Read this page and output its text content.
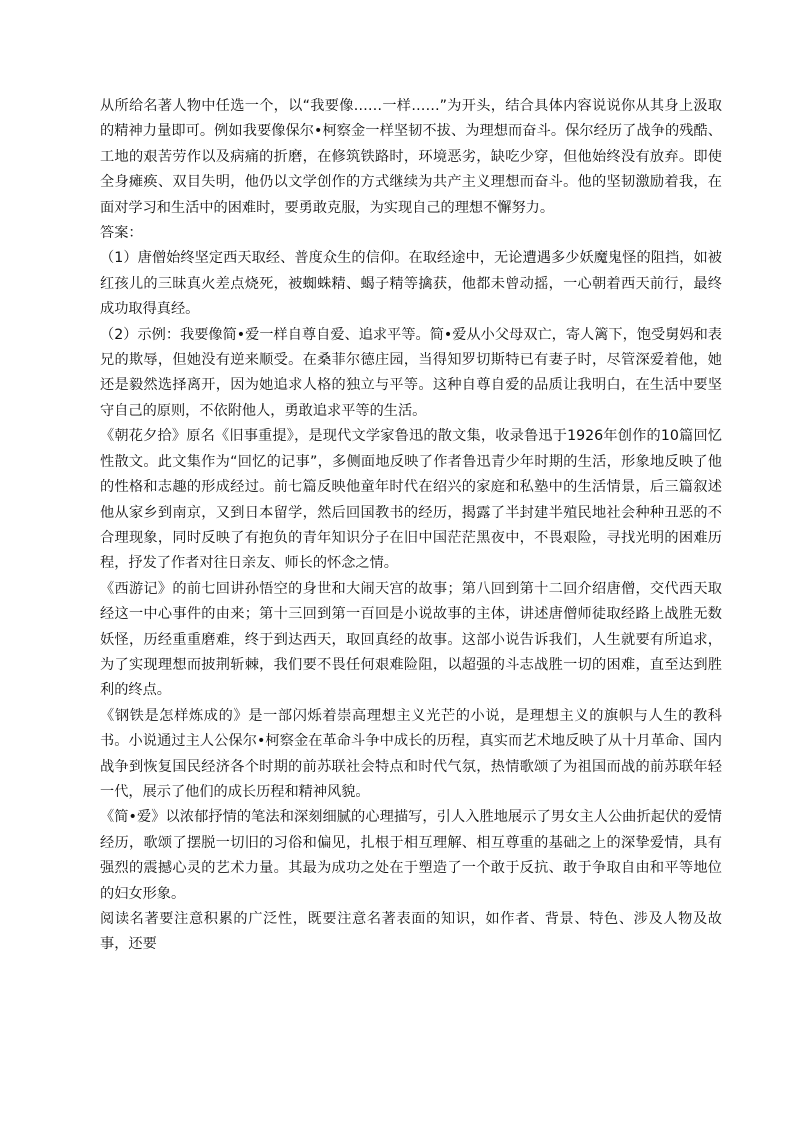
从所给名著人物中任选一个，以“我要像……一样……”为开头，结合具体内容说说你从其身上汲取的精神力量即可。例如我要像保尔•柯察金一样坚韧不拔、为理想而奋斗。保尔经历了战争的残酷、工地的艰苦劳作以及病痛的折磨，在修筑铁路时，环境恶劣，缺吃少穿，但他始终没有放弃。即使全身瘫痪、双目失明，他仍以文学创作的方式继续为共产主义理想而奋斗。他的坚韧激励着我，在面对学习和生活中的困难时，要勇敢克服，为实现自己的理想不懈努力。

答案：

（1）唐僧始终坚定西天取经、普度众生的信仰。在取经途中，无论遭遇多少妖魔鬼怪的阻挡，如被红孩儿的三昧真火差点烧死，被蜘蛛精、蝎子精等擒获，他都未曾动摇，一心朝着西天前行，最终成功取得真经。

（2）示例：我要像简•爱一样自尊自爱、追求平等。简•爱从小父母双亡，寄人篱下，饱受舅妈和表兄的欺辱，但她没有逆来顺受。在桑菲尔德庄园，当得知罗切斯特已有妻子时，尽管深爱着他，她还是毅然选择离开，因为她追求人格的独立与平等。这种自尊自爱的品质让我明白，在生活中要坚守自己的原则，不依附他人，勇敢追求平等的生活。

《朝花夕拾》原名《旧事重提》，是现代文学家鲁迅的散文集，收录鲁迅于1926年创作的10篇回忆性散文。此文集作为“回忆的记事”，多侧面地反映了作者鲁迅青少年时期的生活，形象地反映了他的性格和志趣的形成经过。前七篇反映他童年时代在绍兴的家庭和私塾中的生活情景，后三篇叙述他从家乡到南京，又到日本留学，然后回国教书的经历，揭露了半封建半殖民地社会种种丑恶的不合理现象，同时反映了有抱负的青年知识分子在旧中国茫茫黑夜中，不畏艰险，寻找光明的困难历程，抒发了作者对往日亲友、师长的怀念之情。

《西游记》的前七回讲孙悟空的身世和大闹天宫的故事；第八回到第十二回介绍唐僧，交代西天取经这一中心事件的由来；第十三回到第一百回是小说故事的主体，讲述唐僧师徒取经路上战胜无数妖怪，历经重重磨难，终于到达西天，取回真经的故事。这部小说告诉我们，人生就要有所追求，为了实现理想而披荆斩棘，我们要不畏任何艰难险阻，以超强的斗志战胜一切的困难，直至达到胜利的终点。

《钢铁是怎样炼成的》是一部闪烁着崇高理想主义光芒的小说，是理想主义的旗帜与人生的教科书。小说通过主人公保尔•柯察金在革命斗争中成长的历程，真实而艺术地反映了从十月革命、国内战争到恢复国民经济各个时期的前苏联社会特点和时代气氛，热情歌颂了为祖国而战的前苏联年轻一代，展示了他们的成长历程和精神风貌。

《简•爱》以浓郁抒情的笔法和深刻细腻的心理描写，引人入胜地展示了男女主人公曲折起伏的爱情经历，歌颂了摆脱一切旧的习俗和偏见，扎根于相互理解、相互尊重的基础之上的深挚爱情，具有强烈的震撼心灵的艺术力量。其最为成功之处在于塑造了一个敢于反抗、敢于争取自由和平等地位的妇女形象。

阅读名著要注意积累的广泛性，既要注意名著表面的知识，如作者、背景、特色、涉及人物及故事，还要
